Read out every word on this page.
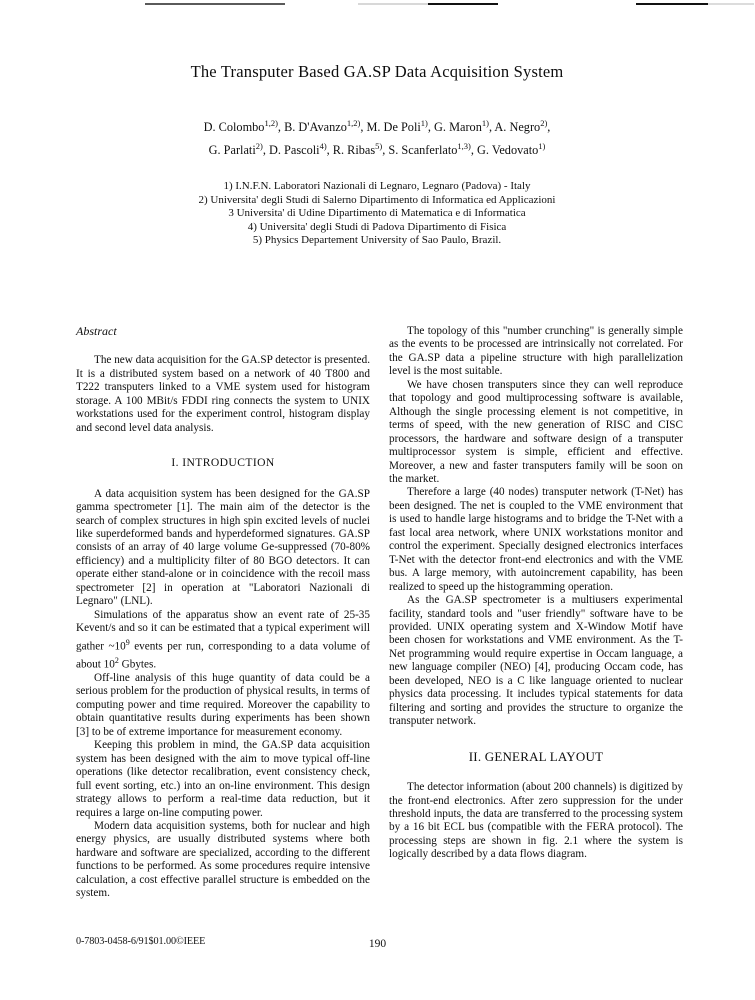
The Transputer Based GA.SP Data Acquisition System
D. Colombo$^{1,2)}$, B. D'Avanzo$^{1,2)}$, M. De Poli$^{1)}$, G. Maron$^{1)}$, A. Negro$^{2)}$,
G. Parlati$^{2)}$, D. Pascoli$^{4)}$, R. Ribas$^{5)}$, S. Scanferlato$^{1,3)}$, G. Vedovato$^{1)}$
1) I.N.F.N. Laboratori Nazionali di Legnaro, Legnaro (Padova) - Italy
2) Universita' degli Studi di Salerno Dipartimento di Informatica ed Applicazioni
3 Universita' di Udine Dipartimento di Matematica e di Informatica
4) Universita' degli Studi di Padova Dipartimento di Fisica
5) Physics Departement University of Sao Paulo, Brazil.
Abstract

The new data acquisition for the GA.SP detector is presented. It is a distributed system based on a network of 40 T800 and T222 transputers linked to a VME system used for histogram storage. A 100 MBit/s FDDI ring connects the system to UNIX workstations used for the experiment control, histogram display and second level data analysis.

I. INTRODUCTION

A data acquisition system has been designed for the GA.SP gamma spectrometer [1]. The main aim of the detector is the search of complex structures in high spin excited levels of nuclei like superdeformed bands and hyperdeformed signatures. GA.SP consists of an array of 40 large volume Ge-suppressed (70-80% efficiency) and a multiplicity filter of 80 BGO detectors. It can operate either stand-alone or in coincidence with the recoil mass spectrometer [2] in operation at "Laboratori Nazionali di Legnaro" (LNL).

Simulations of the apparatus show an event rate of 25-35 Kevent/s and so it can be estimated that a typical experiment will gather $\sim 10^9$ events per run, corresponding to a data volume of about $10^2$ Gbytes.

Off-line analysis of this huge quantity of data could be a serious problem for the production of physical results, in terms of computing power and time required. Moreover the capability to obtain quantitative results during experiments has been shown [3] to be of extreme importance for measurement economy.

Keeping this problem in mind, the GA.SP data acquisition system has been designed with the aim to move typical off-line operations (like detector recalibration, event consistency check, full event sorting, etc.) into an on-line environment. This design strategy allows to perform a real-time data reduction, but it requires a large on-line computing power.

Modern data acquisition systems, both for nuclear and high energy physics, are usually distributed systems where both hardware and software are specialized, according to the different functions to be performed. As some procedures require intensive calculation, a cost effective parallel structure is embedded on the system.

The topology of this "number crunching" is generally simple as the events to be processed are intrinsically not correlated. For the GA.SP data a pipeline structure with high parallelization level is the most suitable.

We have chosen transputers since they can well reproduce that topology and good multiprocessing software is available, Although the single processing element is not competitive, in terms of speed, with the new generation of RISC and CISC processors, the hardware and software design of a transputer multiprocessor system is simple, efficient and effective. Moreover, a new and faster transputers family will be soon on the market.

Therefore a large (40 nodes) transputer network (T-Net) has been designed. The net is coupled to the VME environment that is used to handle large histograms and to bridge the T-Net with a fast local area network, where UNIX workstations monitor and control the experiment. Specially designed electronics interfaces T-Net with the detector front-end electronics and with the VME bus. A large memory, with autoincrement capability, has been realized to speed up the histogramming operation.

As the GA.SP spectrometer is a multiusers experimental facility, standard tools and "user friendly" software have to be provided. UNIX operating system and X-Window Motif have been chosen for workstations and VME environment. As the T-Net programming would require expertise in Occam language, a new language compiler (NEO) [4], producing Occam code, has been developed, NEO is a C like language oriented to nuclear physics data processing. It includes typical statements for data filtering and sorting and provides the structure to organize the transputer network.

II. GENERAL LAYOUT

The detector information (about 200 channels) is digitized by the front-end electronics. After zero suppression for the under threshold inputs, the data are transferred to the processing system by a 16 bit ECL bus (compatible with the FERA protocol). The processing steps are shown in fig. 2.1 where the system is logically described by a data flows diagram.

0-7803-0458-6/91$01.00©IEEE	190
